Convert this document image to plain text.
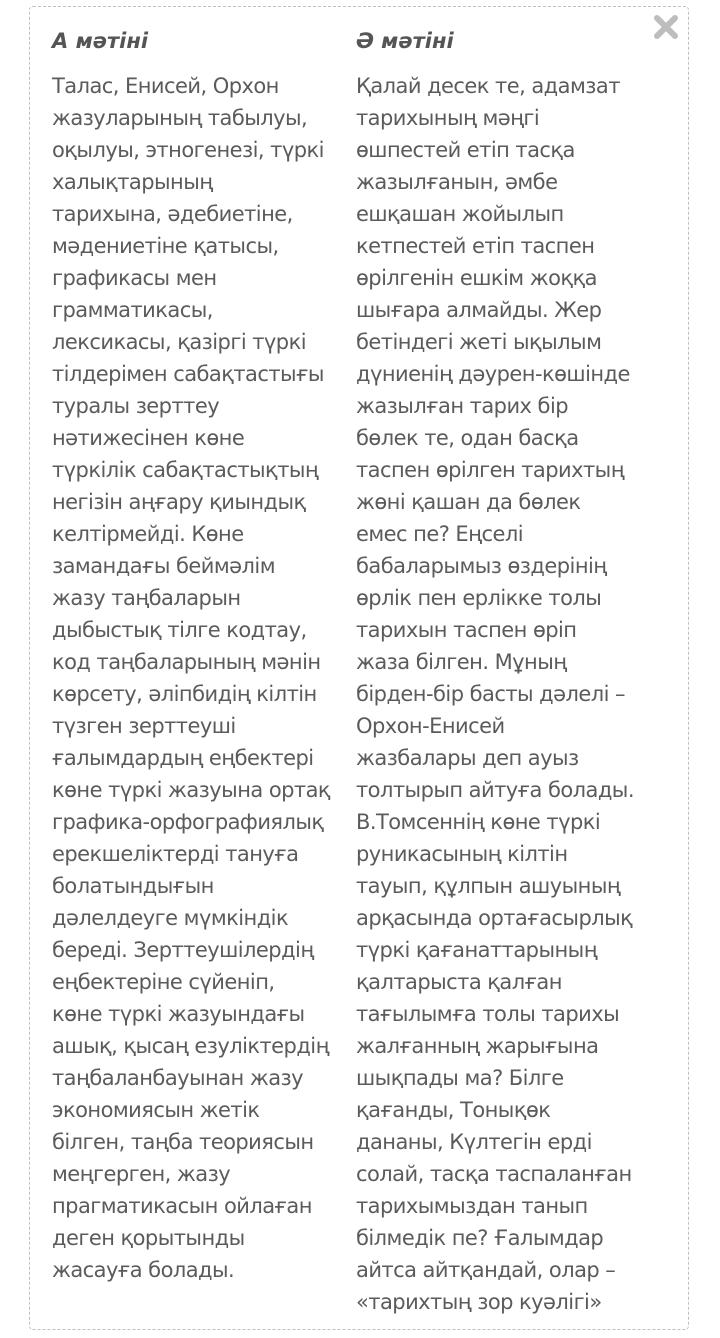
А мәтіні

Талас, Енисей, Орхон
жазуларының табылуы,
оқылуы, этногенезі, түркі
халықтарының
тарихына, әдебиетіне,
мәдениетіне қатысы,
графикасы мен
грамматикасы,
лексикасы, қазіргі түркі
тілдерімен сабақтастығы
туралы зерттеу
нәтижесінен көне
түркілік сабақтастықтың
негізін аңғару қиындық
келтірмейді. Көне
замандағы беймәлім
жазу таңбаларын
дыбыстық тілге кодтау,
код таңбаларының мәнін
көрсету, әліпбидің кілтін
түзген зерттеуші
ғалымдардың еңбектері
көне түркі жазуына ортақ
графика-орфографиялық
ерекшеліктерді тануға
болатындығын
дәлелдеуге мүмкіндік
береді. Зерттеушілердің
еңбектеріне сүйеніп,
көне түркі жазуындағы
ашық, қысаң езуліктердің
таңбаланбауынан жазу
экономиясын жетік
білген, таңба теориясын
меңгерген, жазу
прагматикасын ойлаған
деген қорытынды
жасауға болады.

Ә мәтіні

Қалай десек те, адамзат
тарихының мәңгі
өшпестей етіп тасқа
жазылғанын, әмбе
ешқашан жойылып
кетпестей етіп таспен
өрілгенін ешкім жоққа
шығара алмайды. Жер
бетіндегі жеті ықылым
дүниенің дәурен-көшінде
жазылған тарих бір
бөлек те, одан басқа
таспен өрілген тарихтың
жөні қашан да бөлек
емес пе? Еңселі
бабаларымыз өздерінің
өрлік пен ерлікке толы
тарихын таспен өріп
жаза білген. Мұның
бірден-бір басты дәлелі –
Орхон-Енисей
жазбалары деп ауыз
толтырып айтуға болады.
В.Томсеннің көне түркі
руникасының кілтін
тауып, құлпын ашуының
арқасында ортағасырлық
түркі қағанаттарының
қалтарыста қалған
тағылымға толы тарихы
жалғанның жарығына
шықпады ма? Білге
қағанды, Тонықөк
дананы, Күлтегін ерді
солай, тасқа таспаланған
тарихымыздан танып
білмедік пе? Ғалымдар
айтса айтқандай, олар –
«тарихтың зор куәлігі»
